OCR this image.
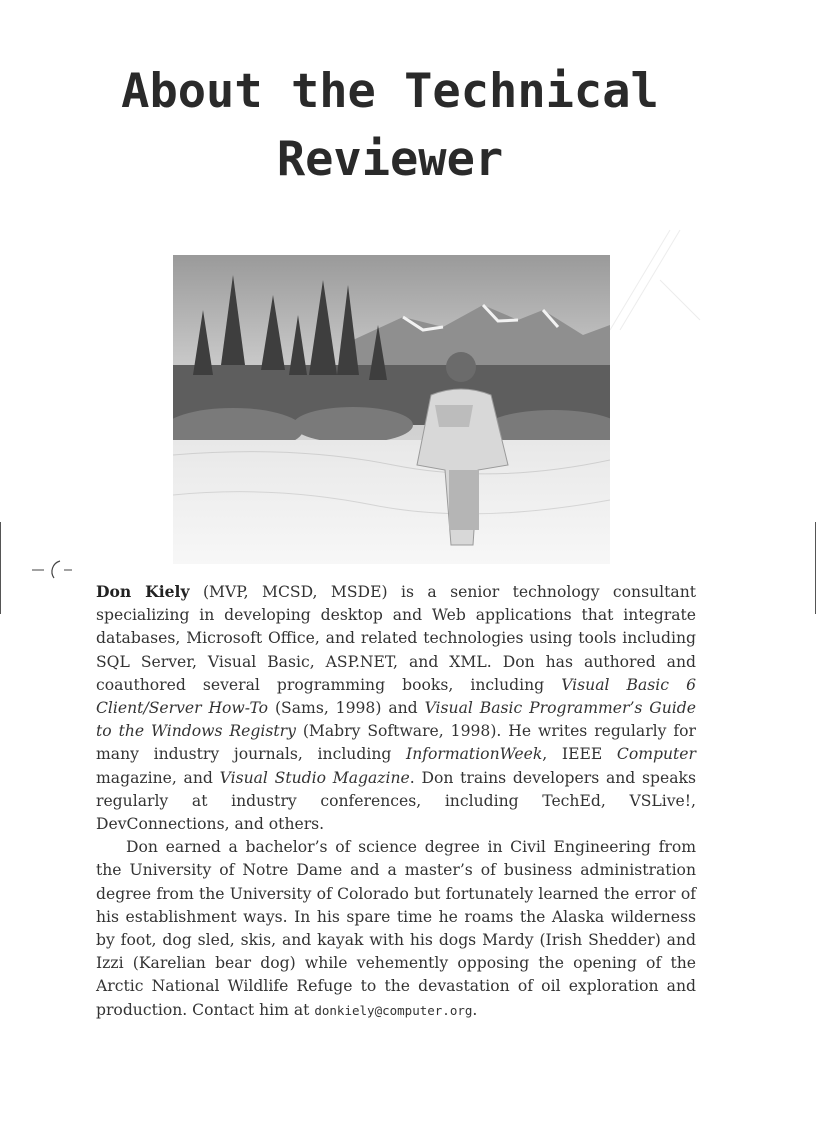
About the Technical
Reviewer

Don Kiely (MVP, MCSD, MSDE) is a senior technology consultant specializing in developing desktop and Web applications that integrate databases, Microsoft Office, and related technologies using tools including SQL Server, Visual Basic, ASP.NET, and XML. Don has authored and coauthored several programming books, including Visual Basic 6 Client/Server How-To (Sams, 1998) and Visual Basic Programmer’s Guide to the Windows Registry (Mabry Software, 1998). He writes regularly for many industry journals, including InformationWeek, IEEE Computer magazine, and Visual Studio Magazine. Don trains developers and speaks regularly at industry conferences, including TechEd, VSLive!, DevConnections, and others.

Don earned a bachelor’s of science degree in Civil Engineering from the University of Notre Dame and a master’s of business administration degree from the University of Colorado but fortunately learned the error of his establishment ways. In his spare time he roams the Alaska wilderness by foot, dog sled, skis, and kayak with his dogs Mardy (Irish Shedder) and Izzi (Karelian bear dog) while vehemently opposing the opening of the Arctic National Wildlife Refuge to the devastation of oil exploration and production. Contact him at donkiely@computer.org.
